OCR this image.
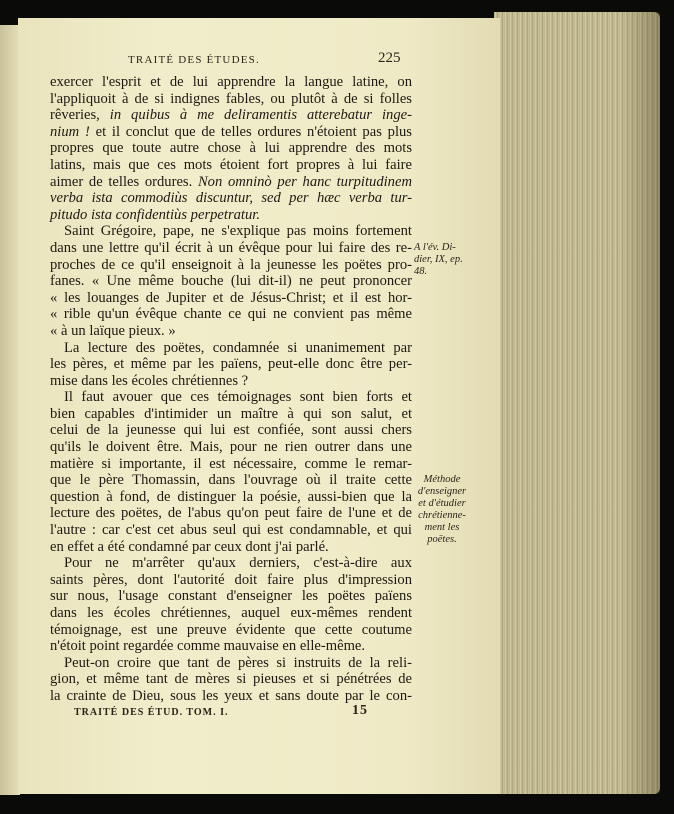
TRAITÉ DES ÉTUDES.	225
exercer l'esprit et de lui apprendre la langue latine, on
l'appliquoit à de si indignes fables, ou plutôt à de si folles
rêveries, in quibus à me deliramentis atterebatur inge-
nium ! et il conclut que de telles ordures n'étoient pas plus
propres que toute autre chose à lui apprendre des mots
latins, mais que ces mots étoient fort propres à lui faire
aimer de telles ordures. Non omninò per hanc turpitudinem
verba ista commodiùs discuntur, sed per hæc verba tur-
pitudo ista confidentiùs perpetratur.
Saint Grégoire, pape, ne s'explique pas moins fortement
dans une lettre qu'il écrit à un évêque pour lui faire des re-
proches de ce qu'il enseignoit à la jeunesse les poëtes pro-
fanes. « Une même bouche (lui dit-il) ne peut prononcer
« les louanges de Jupiter et de Jésus-Christ; et il est hor-
« rible qu'un évêque chante ce qui ne convient pas même
« à un laïque pieux. »
La lecture des poëtes, condamnée si unanimement par
les pères, et même par les païens, peut-elle donc être per-
mise dans les écoles chrétiennes ?
Il faut avouer que ces témoignages sont bien forts et
bien capables d'intimider un maître à qui son salut, et
celui de la jeunesse qui lui est confiée, sont aussi chers
qu'ils le doivent être. Mais, pour ne rien outrer dans une
matière si importante, il est nécessaire, comme le remar-
que le père Thomassin, dans l'ouvrage où il traite cette
question à fond, de distinguer la poésie, aussi-bien que la
lecture des poëtes, de l'abus qu'on peut faire de l'une et de
l'autre : car c'est cet abus seul qui est condamnable, et qui
en effet a été condamné par ceux dont j'ai parlé.
Pour ne m'arrêter qu'aux derniers, c'est-à-dire aux
saints pères, dont l'autorité doit faire plus d'impression
sur nous, l'usage constant d'enseigner les poëtes païens
dans les écoles chrétiennes, auquel eux-mêmes rendent
témoignage, est une preuve évidente que cette coutume
n'étoit point regardée comme mauvaise en elle-même.
Peut-on croire que tant de pères si instruits de la reli-
gion, et même tant de mères si pieuses et si pénétrées de
la crainte de Dieu, sous les yeux et sans doute par le con-
A l'év. Di-
dier, IX, ep.
48.
Méthode
d'enseigner
et d'étudier
chrétienne-
ment les
poëtes.
TRAITÉ DES ÉTUD. TOM. I.	15
